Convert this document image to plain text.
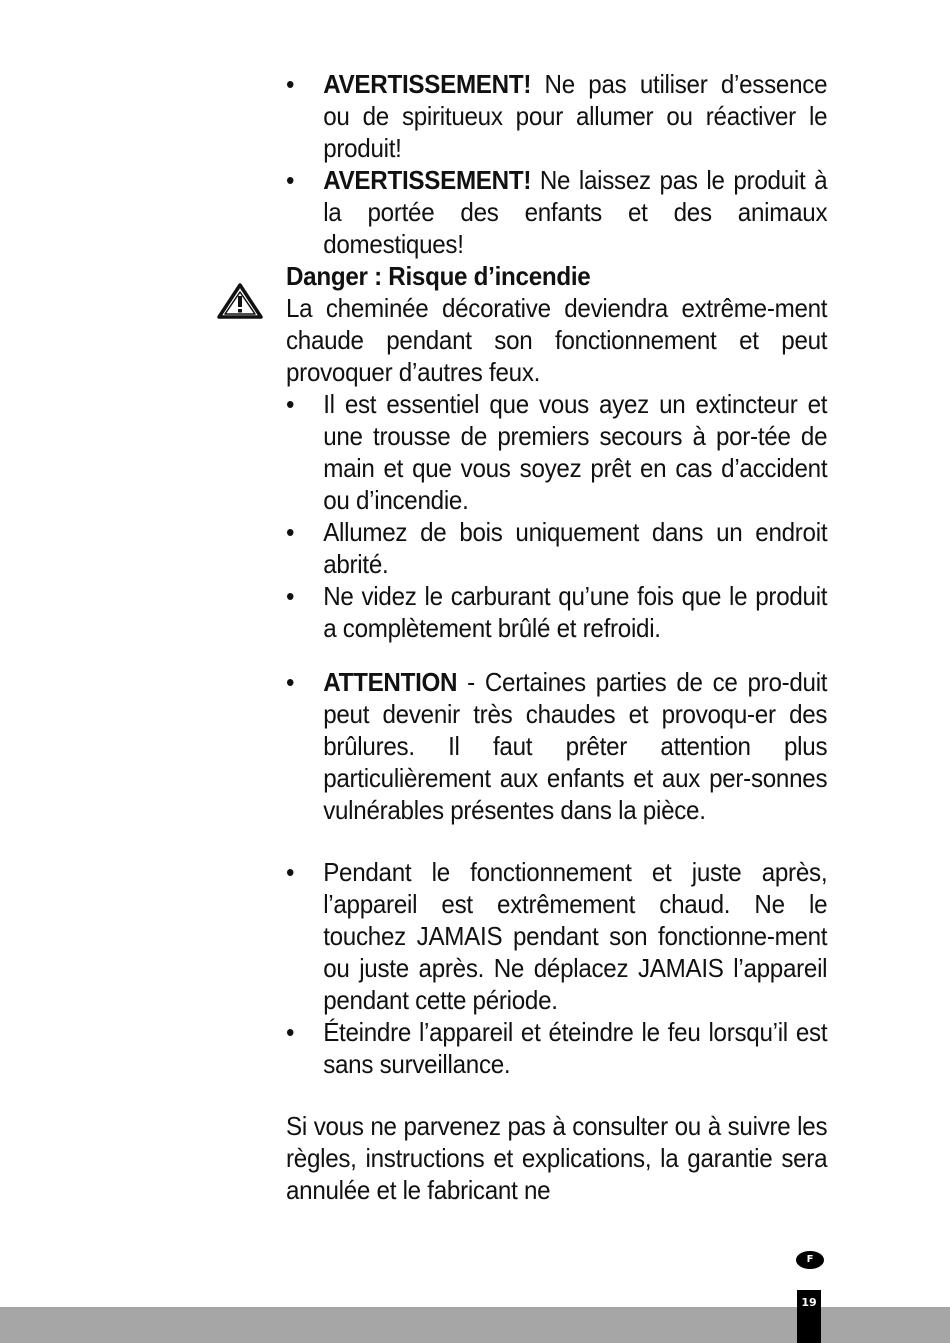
• AVERTISSEMENT! Ne pas utiliser d’essence ou de spiritueux pour allumer ou réactiver le produit!
• AVERTISSEMENT! Ne laissez pas le produit à la portée des enfants et des animaux domestiques!

Danger : Risque d’incendie

La cheminée décorative deviendra extrême-ment chaude pendant son fonctionnement et peut provoquer d’autres feux.

• Il est essentiel que vous ayez un extincteur et une trousse de premiers secours à por-tée de main et que vous soyez prêt en cas d’accident ou d’incendie.
• Allumez de bois uniquement dans un endroit abrité.
• Ne videz le carburant qu’une fois que le produit a complètement brûlé et refroidi.
• ATTENTION - Certaines parties de ce pro-duit peut devenir très chaudes et provoqu-er des brûlures. Il faut prêter attention plus particulièrement aux enfants et aux per-sonnes vulnérables présentes dans la pièce.
• Pendant le fonctionnement et juste après, l’appareil est extrêmement chaud. Ne le touchez JAMAIS pendant son fonctionne-ment ou juste après. Ne déplacez JAMAIS l’appareil pendant cette période.
• Éteindre l’appareil et éteindre le feu lorsqu’il est sans surveillance.

Si vous ne parvenez pas à consulter ou à suivre les règles, instructions et explications, la garantie sera annulée et le fabricant ne

F
19
